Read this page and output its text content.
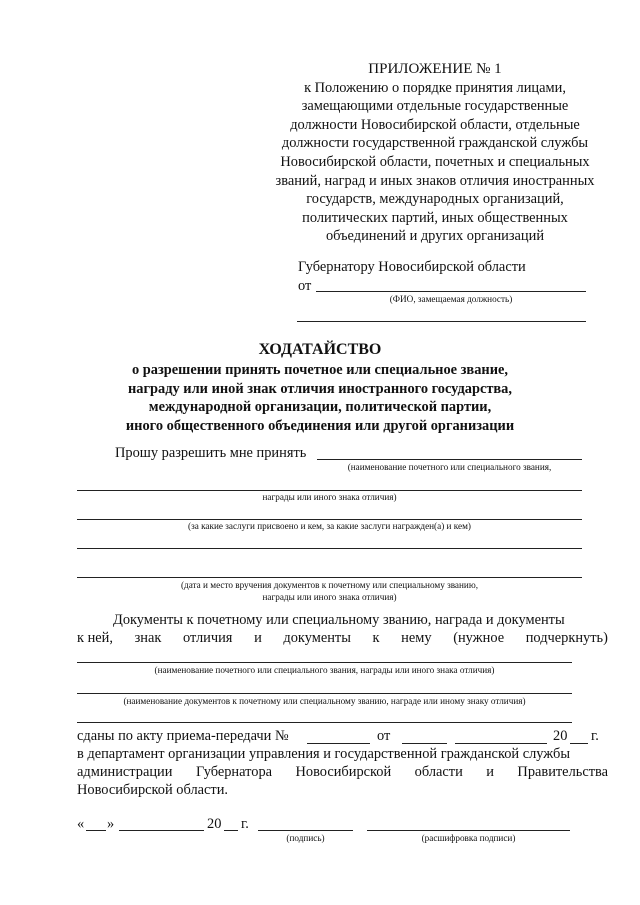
ПРИЛОЖЕНИЕ № 1
к Положению о порядке принятия лицами,
замещающими отдельные государственные
должности Новосибирской области, отдельные
должности государственной гражданской службы
Новосибирской области, почетных и специальных
званий, наград и иных знаков отличия иностранных
государств, международных организаций,
политических партий, иных общественных
объединений и других организаций
Губернатору Новосибирской области
от
(ФИО, замещаемая должность)
ХОДАТАЙСТВО
о разрешении принять почетное или специальное звание,
награду или иной знак отличия иностранного государства,
международной организации, политической партии,
иного общественного объединения или другой организации
Прошу разрешить мне принять
(наименование почетного или специального звания,
награды или иного знака отличия)
(за какие заслуги присвоено и кем, за какие заслуги награжден(а) и кем)
(дата и место вручения документов к почетному или специальному званию,
награды или иного знака отличия)
Документы к почетному или специальному званию, награда и документы
к ней, знак отличия и документы к нему (нужное подчеркнуть)
(наименование почетного или специального звания, награды или иного знака отличия)
(наименование документов к почетному или специальному званию, награде или иному знаку отличия)
сданы по акту приема-передачи №	от	20 г.
в департамент организации управления и государственной гражданской службы
администрации Губернатора Новосибирской области и Правительства
Новосибирской области.
« »	20 г.
(подпись)	(расшифровка подписи)
